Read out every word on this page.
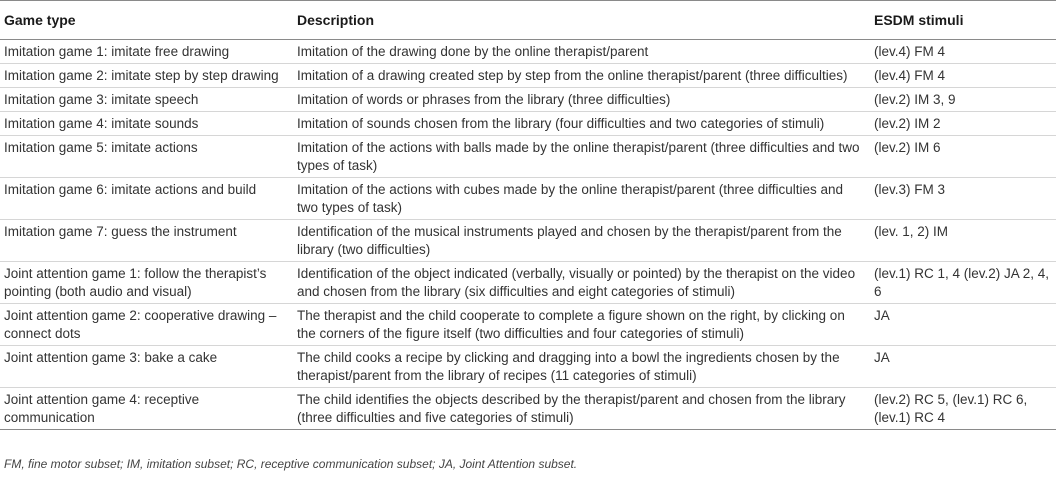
Game type	Description	ESDM stimuli
Imitation game 1: imitate free drawing	Imitation of the drawing done by the online therapist/parent	(lev.4) FM 4
Imitation game 2: imitate step by step drawing	Imitation of a drawing created step by step from the online therapist/parent (three difficulties)	(lev.4) FM 4
Imitation game 3: imitate speech	Imitation of words or phrases from the library (three difficulties)	(lev.2) IM 3, 9
Imitation game 4: imitate sounds	Imitation of sounds chosen from the library (four difficulties and two categories of stimuli)	(lev.2) IM 2
Imitation game 5: imitate actions	Imitation of the actions with balls made by the online therapist/parent (three difficulties and two types of task)	(lev.2) IM 6
Imitation game 6: imitate actions and build	Imitation of the actions with cubes made by the online therapist/parent (three difficulties and two types of task)	(lev.3) FM 3
Imitation game 7: guess the instrument	Identification of the musical instruments played and chosen by the therapist/parent from the library (two difficulties)	(lev. 1, 2) IM
Joint attention game 1: follow the therapist’s pointing (both audio and visual)	Identification of the object indicated (verbally, visually or pointed) by the therapist on the video and chosen from the library (six difficulties and eight categories of stimuli)	(lev.1) RC 1, 4 (lev.2) JA 2, 4, 6
Joint attention game 2: cooperative drawing – connect dots	The therapist and the child cooperate to complete a figure shown on the right, by clicking on the corners of the figure itself (two difficulties and four categories of stimuli)	JA
Joint attention game 3: bake a cake	The child cooks a recipe by clicking and dragging into a bowl the ingredients chosen by the therapist/parent from the library of recipes (11 categories of stimuli)	JA
Joint attention game 4: receptive communication	The child identifies the objects described by the therapist/parent and chosen from the library (three difficulties and five categories of stimuli)	(lev.2) RC 5, (lev.1) RC 6, (lev.1) RC 4
FM, fine motor subset; IM, imitation subset; RC, receptive communication subset; JA, Joint Attention subset.
